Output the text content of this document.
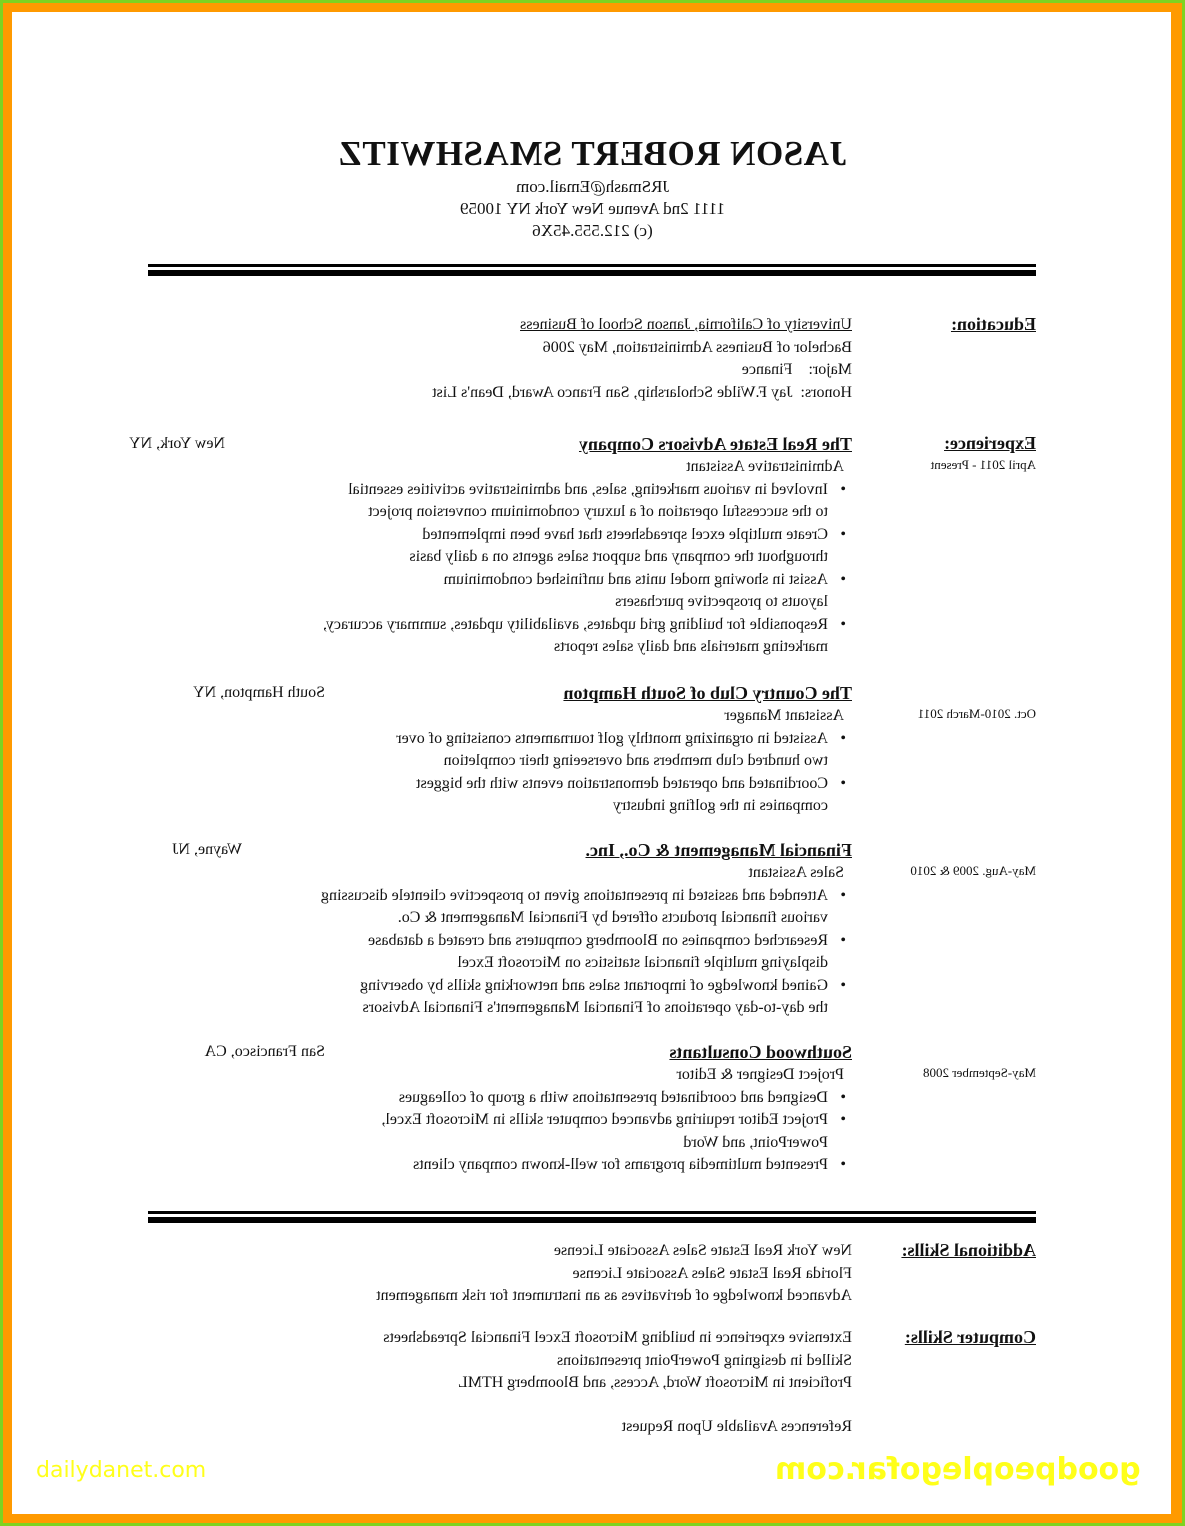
JASON ROBERT SMASHWITZ
JRSmash@Email.com
1111 2nd Avenue New York NY 10059
(c) 212.555.45X6
Education:
University of California, Janson School of Business
Bachelor of Business Administration, May 2006
Major:    Finance
Honors:  Jay F.Wilde Scholarship, San Franco Award, Dean's List
Experience:
April 2011 - Present
The Real Estate Advisors Company
New York, NY
Administrative Assistant
•
Involved in various marketing, sales, and administrative activities essential
to the successful operation of a luxury condominium conversion project
•
Create multiple excel spreadsheets that have been implemented
throughout the company and support sales agents on a daily basis
•
Assist in showing model units and unfinished condominium
layouts to prospective purchasers
•
Responsible for building grid updates, availability updates, summary accuracy,
marketing materials and daily sales reports
Oct. 2010-March 2011
The Country Club of South Hampton
South Hampton, NY
Assistant Manager
•
Assisted in organizing monthly golf tournaments consisting of over
two hundred club members and overseeing their completion
•
Coordinated and operated demonstration events with the biggest
companies in the golfing industry
May-Aug. 2009 & 2010
Financial Management & Co., Inc.
Wayne, NJ
Sales Assistant
•
Attended and assisted in presentations given to prospective clientele discussing
various financial products offered by Financial Management & Co.
•
Researched companies on Bloomberg computers and created a database
displaying multiple financial statistics on Microsoft Excel
•
Gained knowledge of important sales and networking skills by observing
the day-to-day operations of Financial Management's Financial Advisors
May-September 2008
Southwood Consultants
San Francisco, CA
Project Designer & Editor
•
Designed and coordinated presentations with a group of colleagues
•
Project Editor requiring advanced computer skills in Microsoft Excel,
PowerPoint, and Word
•
Presented multimedia programs for well-known company clients
Additional Skills:
New York Real Estate Sales Associate License
Florida Real Estate Sales Associate License
Advanced knowledge of derivatives as an instrument for risk management
Computer Skills:
Extensive experience in building Microsoft Excel Financial Spreadsheets
Skilled in designing PowerPoint presentations
Proficient in Microsoft Word, Access, and Bloomberg HTML
References Available Upon Request
dailydanet.com	goodpeoplegofar.com
